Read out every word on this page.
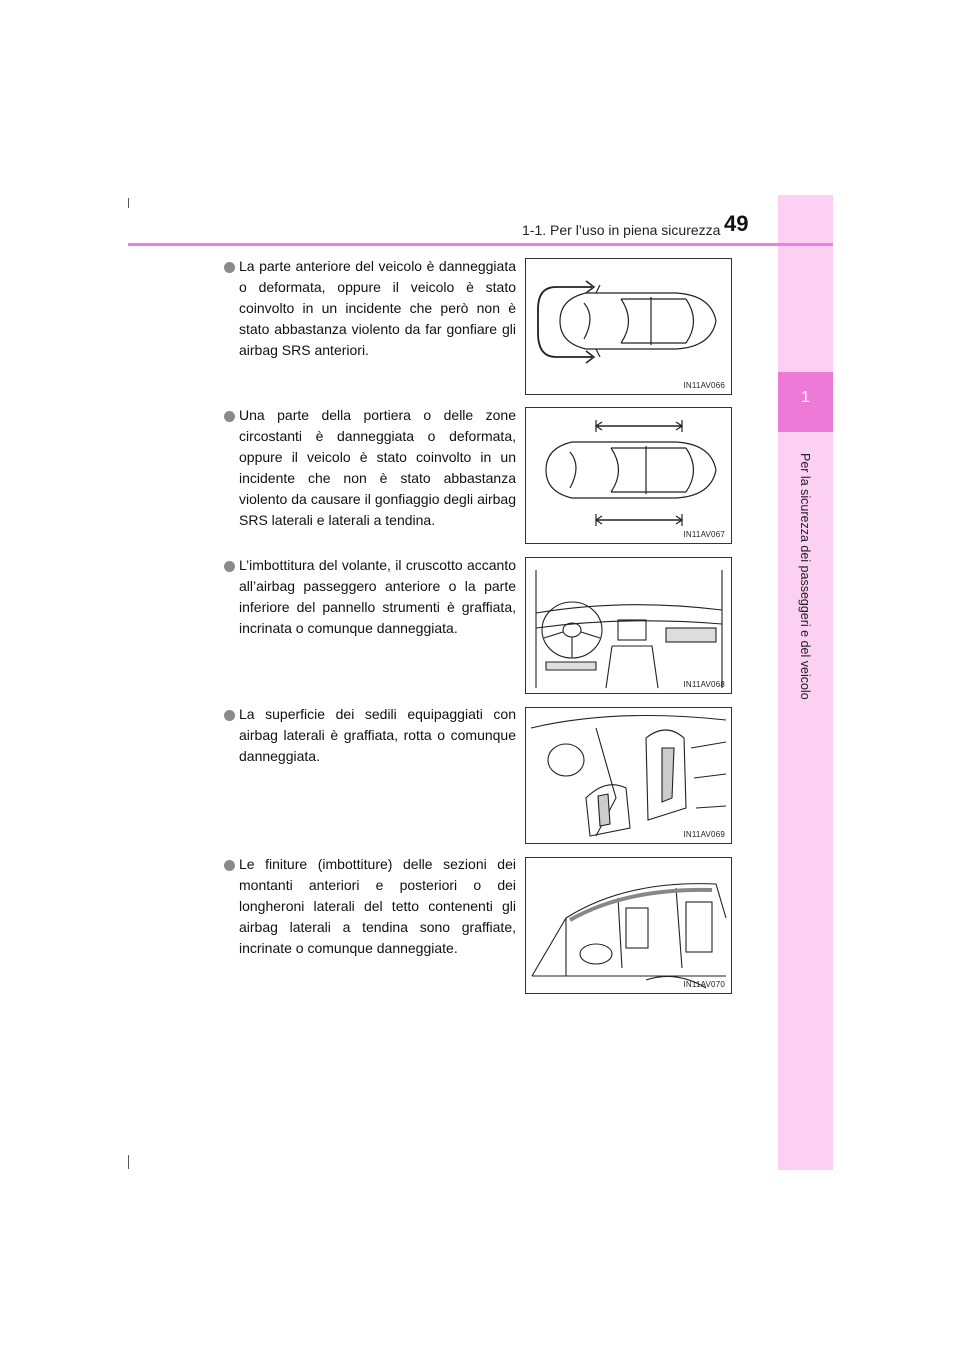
1-1. Per l’uso in piena sicurezza 49
1
Per la sicurezza dei passeggeri e del veicolo
La parte anteriore del veicolo è danneggiata o deformata, oppure il veicolo è stato coinvolto in un incidente che però non è stato abbastanza violento da far gonfiare gli airbag SRS anteriori.
IN11AV066
Una parte della portiera o delle zone circostanti è danneggiata o deformata, oppure il veicolo è stato coinvolto in un incidente che non è stato abbastanza violento da causare il gonfiaggio degli airbag SRS laterali e laterali a tendina.
IN11AV067
L’imbottitura del volante, il cruscotto accanto all’airbag passeggero anteriore o la parte inferiore del pannello strumenti è graffiata, incrinata o comunque danneggiata.
IN11AV068
La superficie dei sedili equipaggiati con airbag laterali è graffiata, rotta o comunque danneggiata.
IN11AV069
Le finiture (imbottiture) delle sezioni dei montanti anteriori e posteriori o dei longheroni laterali del tetto contenenti gli airbag laterali a tendina sono graffiate, incrinate o comunque danneggiate.
IN11AV070
